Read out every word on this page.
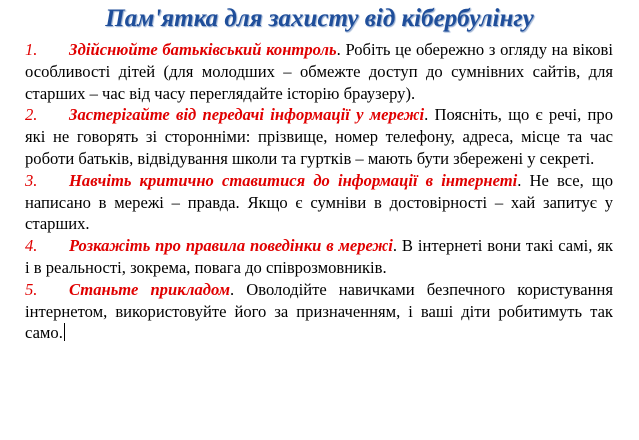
Пам'ятка для захисту від кібербулінгу

1. Здійснюйте батьківський контроль. Робіть це обережно з огляду на вікові особливості дітей (для молодших – обмежте доступ до сумнівних сайтів, для старших – час від часу переглядайте історію браузеру).

2. Застерігайте від передачі інформації у мережі. Поясніть, що є речі, про які не говорять зі сторонніми: прізвище, номер телефону, адреса, місце та час роботи батьків, відвідування школи та гуртків – мають бути збережені у секреті.

3. Навчіть критично ставитися до інформації в інтернеті. Не все, що написано в мережі – правда. Якщо є сумніви в достовірності – хай запитує у старших.

4. Розкажіть про правила поведінки в мережі. В інтернеті вони такі самі, як і в реальності, зокрема, повага до співрозмовників.

5. Станьте прикладом. Оволодійте навичками безпечного користування інтернетом, використовуйте його за призначенням, і ваші діти робитимуть так само.
